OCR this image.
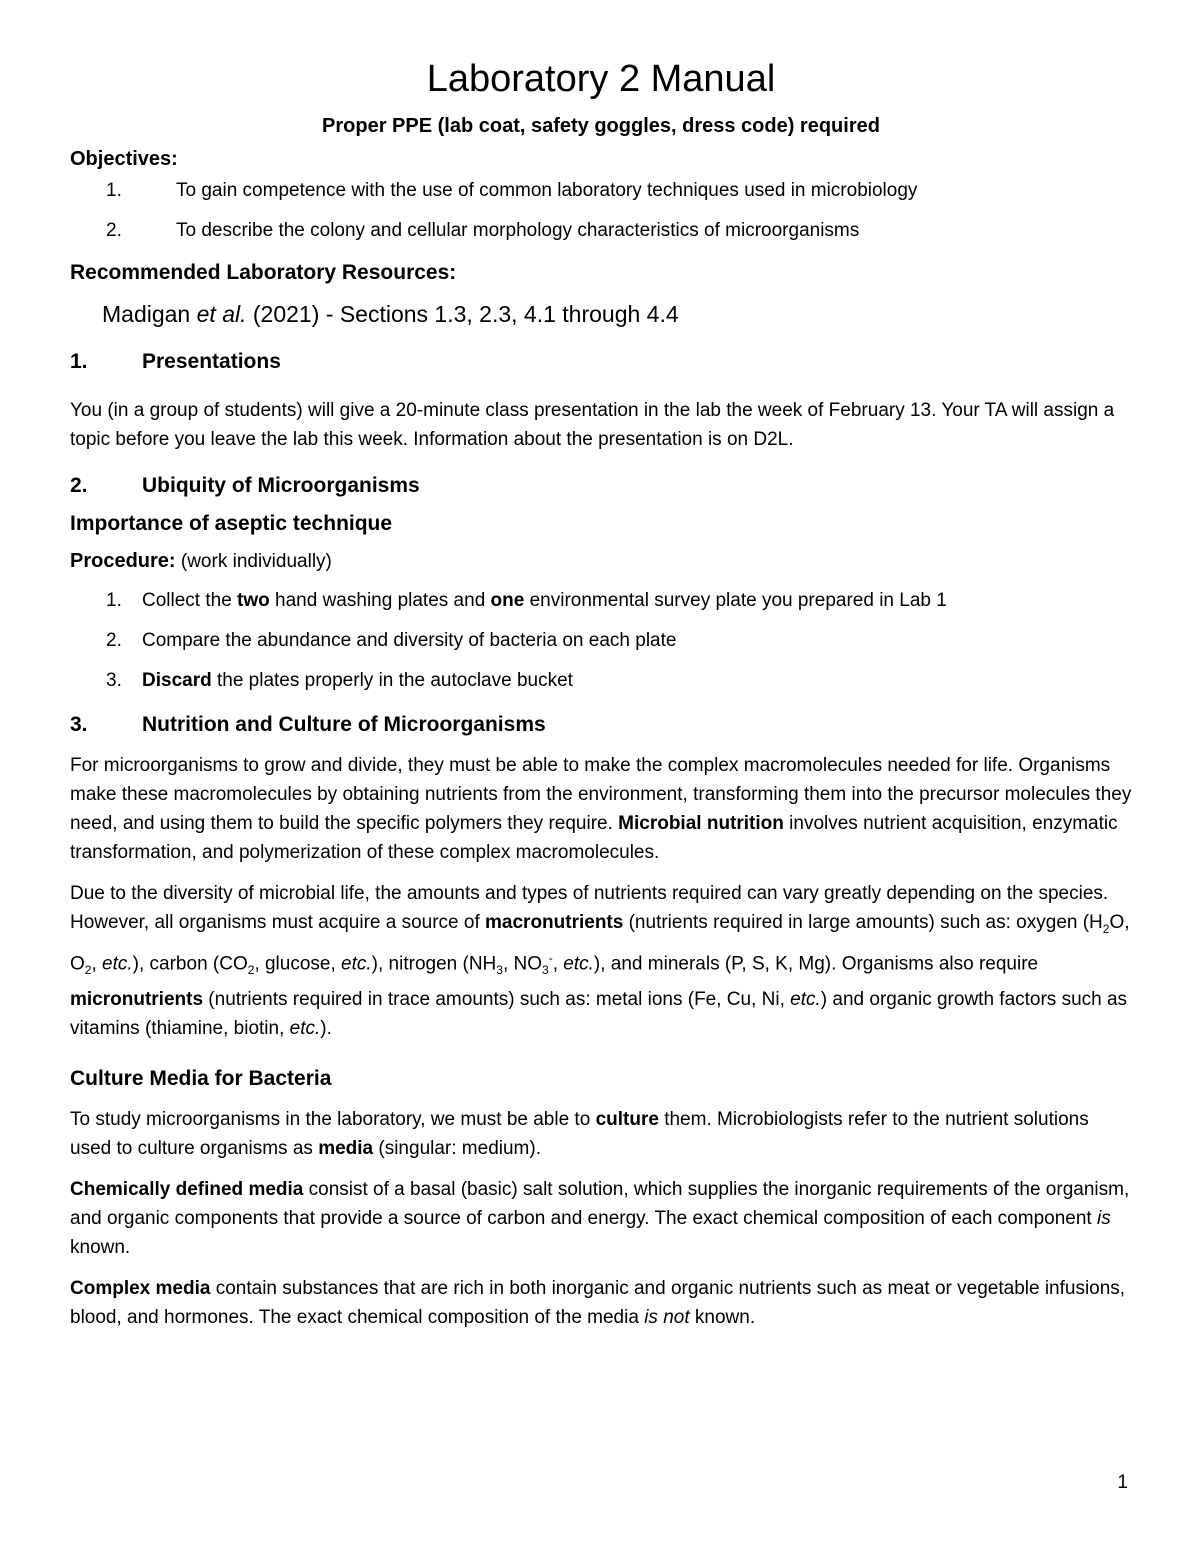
Laboratory 2 Manual
Proper PPE (lab coat, safety goggles, dress code) required
Objectives:
1.	To gain competence with the use of common laboratory techniques used in microbiology
2.	To describe the colony and cellular morphology characteristics of microorganisms
Recommended Laboratory Resources:
Madigan et al. (2021) - Sections 1.3, 2.3, 4.1 through 4.4
1.	Presentations

You (in a group of students) will give a 20-minute class presentation in the lab the week of February 13. Your TA will assign a topic before you leave the lab this week. Information about the presentation is on D2L.

2.	Ubiquity of Microorganisms
Importance of aseptic technique
Procedure: (work individually)
1.	Collect the two hand washing plates and one environmental survey plate you prepared in Lab 1
2.	Compare the abundance and diversity of bacteria on each plate
3.	Discard the plates properly in the autoclave bucket
3.	Nutrition and Culture of Microorganisms

For microorganisms to grow and divide, they must be able to make the complex macromolecules needed for life. Organisms make these macromolecules by obtaining nutrients from the environment, transforming them into the precursor molecules they need, and using them to build the specific polymers they require. Microbial nutrition involves nutrient acquisition, enzymatic transformation, and polymerization of these complex macromolecules.

Due to the diversity of microbial life, the amounts and types of nutrients required can vary greatly depending on the species. However, all organisms must acquire a source of macronutrients (nutrients required in large amounts) such as: oxygen ($H_2O$, $O_2$, etc.), carbon ($CO_2$, glucose, etc.), nitrogen ($NH_3$, $NO_3^-$, etc.), and minerals (P, S, K, Mg). Organisms also require micronutrients (nutrients required in trace amounts) such as: metal ions (Fe, Cu, Ni, etc.) and organic growth factors such as vitamins (thiamine, biotin, etc.).

Culture Media for Bacteria

To study microorganisms in the laboratory, we must be able to culture them. Microbiologists refer to the nutrient solutions used to culture organisms as media (singular: medium).

Chemically defined media consist of a basal (basic) salt solution, which supplies the inorganic requirements of the organism, and organic components that provide a source of carbon and energy. The exact chemical composition of each component is known.

Complex media contain substances that are rich in both inorganic and organic nutrients such as meat or vegetable infusions, blood, and hormones. The exact chemical composition of the media is not known.

1
